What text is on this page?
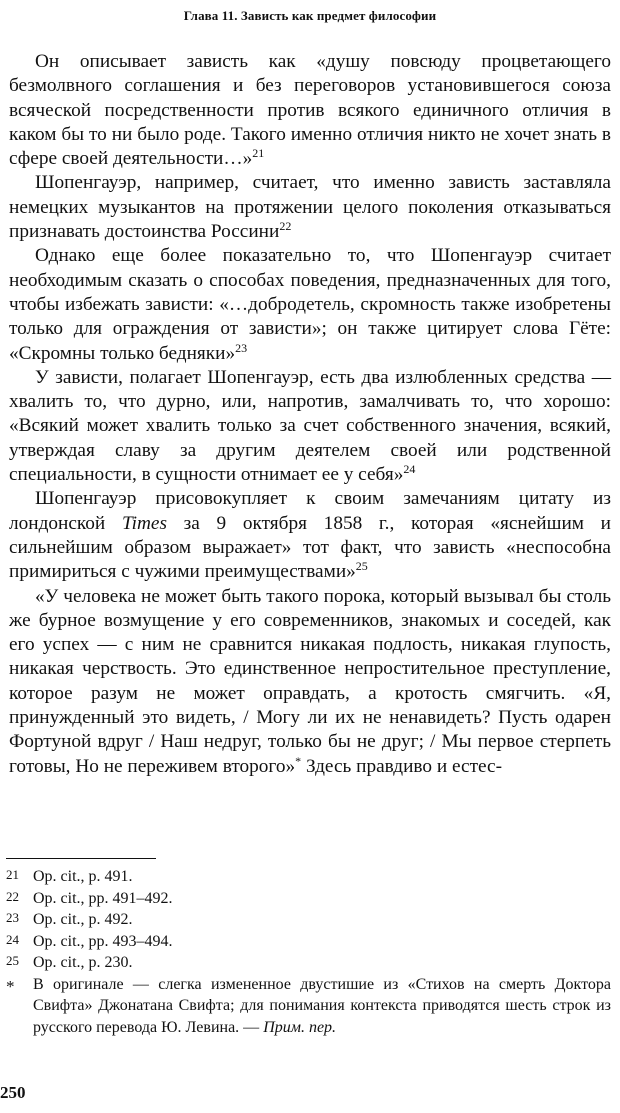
Глава 11. Зависть как предмет философии

Он описывает зависть как «душу повсюду процветающего безмолвного соглашения и без переговоров установившегося союза всяческой посредственности против всякого единичного отличия в каком бы то ни было роде. Такого именно отличия никто не хочет знать в сфере своей деятельности…»$^{21}$

Шопенгауэр, например, считает, что именно зависть заставляла немецких музыкантов на протяжении целого поколения отказываться признавать достоинства Россини$^{22}$

Однако еще более показательно то, что Шопенгауэр считает необходимым сказать о способах поведения, предназначенных для того, чтобы избежать зависти: «…добродетель, скромность также изобретены только для ограждения от зависти»; он также цитирует слова Гёте: «Скромны только бедняки»$^{23}$

У зависти, полагает Шопенгауэр, есть два излюбленных средства — хвалить то, что дурно, или, напротив, замалчивать то, что хорошо: «Всякий может хвалить только за счет собственного значения, всякий, утверждая славу за другим деятелем своей или родственной специальности, в сущности отнимает ее у себя»$^{24}$

Шопенгауэр присовокупляет к своим замечаниям цитату из лондонской Times за 9 октября 1858 г., которая «яснейшим и сильнейшим образом выражает» тот факт, что зависть «неспособна примириться с чужими преимуществами»$^{25}$

«У человека не может быть такого порока, который вызывал бы столь же бурное возмущение у его современников, знакомых и соседей, как его успех — с ним не сравнится никакая подлость, никакая глупость, никакая черствость. Это единственное непростительное преступление, которое разум не может оправдать, а кротость смягчить. «Я, принужденный это видеть, / Могу ли их не ненавидеть? Пусть одарен Фортуной вдруг / Наш недруг, только бы не друг; / Мы первое стерпеть готовы, Но не переживем второго»* Здесь правдиво и естес-

21 Op. cit., p. 491.
22 Op. cit., pp. 491–492.
23 Op. cit., p. 492.
24 Op. cit., pp. 493–494.
25 Op. cit., p. 230.
*	В оригинале — слегка измененное двустишие из «Стихов на смерть Доктора Свифта» Джонатана Свифта; для понимания контекста приводятся шесть строк из русского перевода Ю. Левина. — Прим. пер.
250
